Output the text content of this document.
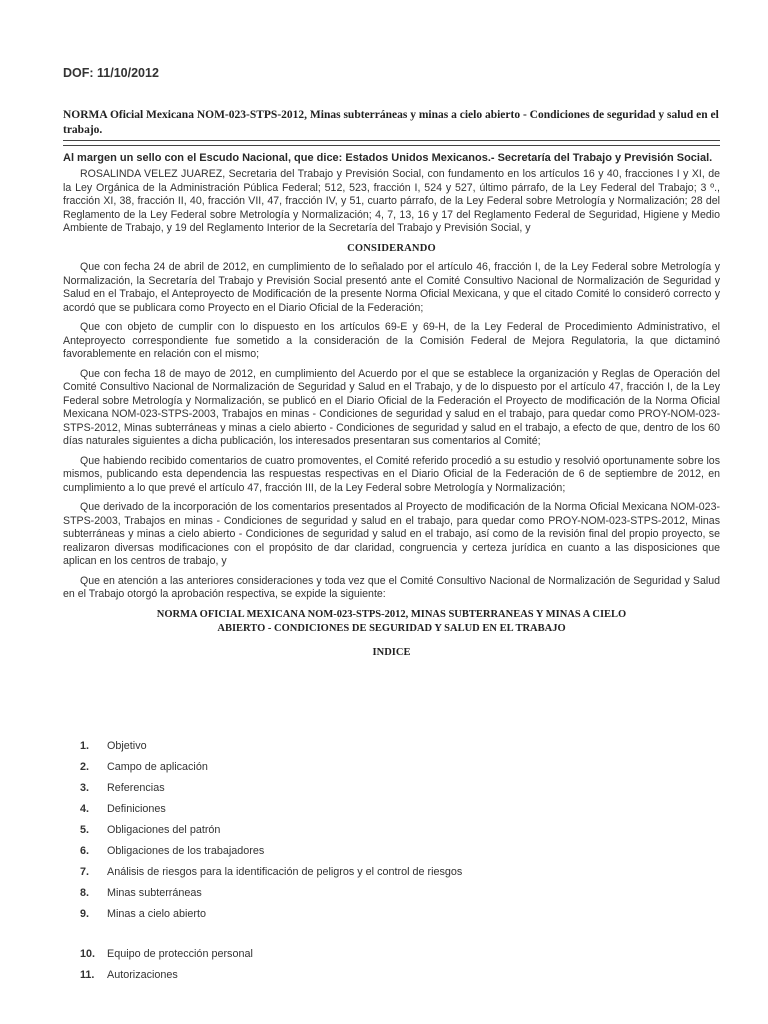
DOF: 11/10/2012
NORMA Oficial Mexicana NOM-023-STPS-2012, Minas subterráneas y minas a cielo abierto - Condiciones de seguridad y salud en el trabajo.
Al margen un sello con el Escudo Nacional, que dice: Estados Unidos Mexicanos.- Secretaría del Trabajo y Previsión Social.

ROSALINDA VELEZ JUAREZ, Secretaria del Trabajo y Previsión Social, con fundamento en los artículos 16 y 40, fracciones I y XI, de la Ley Orgánica de la Administración Pública Federal; 512, 523, fracción I, 524 y 527, último párrafo, de la Ley Federal del Trabajo; 3 º., fracción XI, 38, fracción II, 40, fracción VII, 47, fracción IV, y 51, cuarto párrafo, de la Ley Federal sobre Metrología y Normalización; 28 del Reglamento de la Ley Federal sobre Metrología y Normalización; 4, 7, 13, 16 y 17 del Reglamento Federal de Seguridad, Higiene y Medio Ambiente de Trabajo, y 19 del Reglamento Interior de la Secretaría del Trabajo y Previsión Social, y

CONSIDERANDO

Que con fecha 24 de abril de 2012, en cumplimiento de lo señalado por el artículo 46, fracción I, de la Ley Federal sobre Metrología y Normalización, la Secretaría del Trabajo y Previsión Social presentó ante el Comité Consultivo Nacional de Normalización de Seguridad y Salud en el Trabajo, el Anteproyecto de Modificación de la presente Norma Oficial Mexicana, y que el citado Comité lo consideró correcto y acordó que se publicara como Proyecto en el Diario Oficial de la Federación;

Que con objeto de cumplir con lo dispuesto en los artículos 69-E y 69-H, de la Ley Federal de Procedimiento Administrativo, el Anteproyecto correspondiente fue sometido a la consideración de la Comisión Federal de Mejora Regulatoria, la que dictaminó favorablemente en relación con el mismo;

Que con fecha 18 de mayo de 2012, en cumplimiento del Acuerdo por el que se establece la organización y Reglas de Operación del Comité Consultivo Nacional de Normalización de Seguridad y Salud en el Trabajo, y de lo dispuesto por el artículo 47, fracción I, de la Ley Federal sobre Metrología y Normalización, se publicó en el Diario Oficial de la Federación el Proyecto de modificación de la Norma Oficial Mexicana NOM-023-STPS-2003, Trabajos en minas - Condiciones de seguridad y salud en el trabajo, para quedar como PROY-NOM-023-STPS-2012, Minas subterráneas y minas a cielo abierto - Condiciones de seguridad y salud en el trabajo, a efecto de que, dentro de los 60 días naturales siguientes a dicha publicación, los interesados presentaran sus comentarios al Comité;

Que habiendo recibido comentarios de cuatro promoventes, el Comité referido procedió a su estudio y resolvió oportunamente sobre los mismos, publicando esta dependencia las respuestas respectivas en el Diario Oficial de la Federación de 6 de septiembre de 2012, en cumplimiento a lo que prevé el artículo 47, fracción III, de la Ley Federal sobre Metrología y Normalización;

Que derivado de la incorporación de los comentarios presentados al Proyecto de modificación de la Norma Oficial Mexicana NOM-023-STPS-2003, Trabajos en minas - Condiciones de seguridad y salud en el trabajo, para quedar como PROY-NOM-023-STPS-2012, Minas subterráneas y minas a cielo abierto - Condiciones de seguridad y salud en el trabajo, así como de la revisión final del propio proyecto, se realizaron diversas modificaciones con el propósito de dar claridad, congruencia y certeza jurídica en cuanto a las disposiciones que aplican en los centros de trabajo, y

Que en atención a las anteriores consideraciones y toda vez que el Comité Consultivo Nacional de Normalización de Seguridad y Salud en el Trabajo otorgó la aprobación respectiva, se expide la siguiente:

NORMA OFICIAL MEXICANA NOM-023-STPS-2012, MINAS SUBTERRANEAS Y MINAS A CIELO
ABIERTO - CONDICIONES DE SEGURIDAD Y SALUD EN EL TRABAJO
INDICE
1. Objetivo
2. Campo de aplicación
3. Referencias
4. Definiciones
5. Obligaciones del patrón
6. Obligaciones de los trabajadores
7. Análisis de riesgos para la identificación de peligros y el control de riesgos
8. Minas subterráneas
9. Minas a cielo abierto
10. Equipo de protección personal
11. Autorizaciones
